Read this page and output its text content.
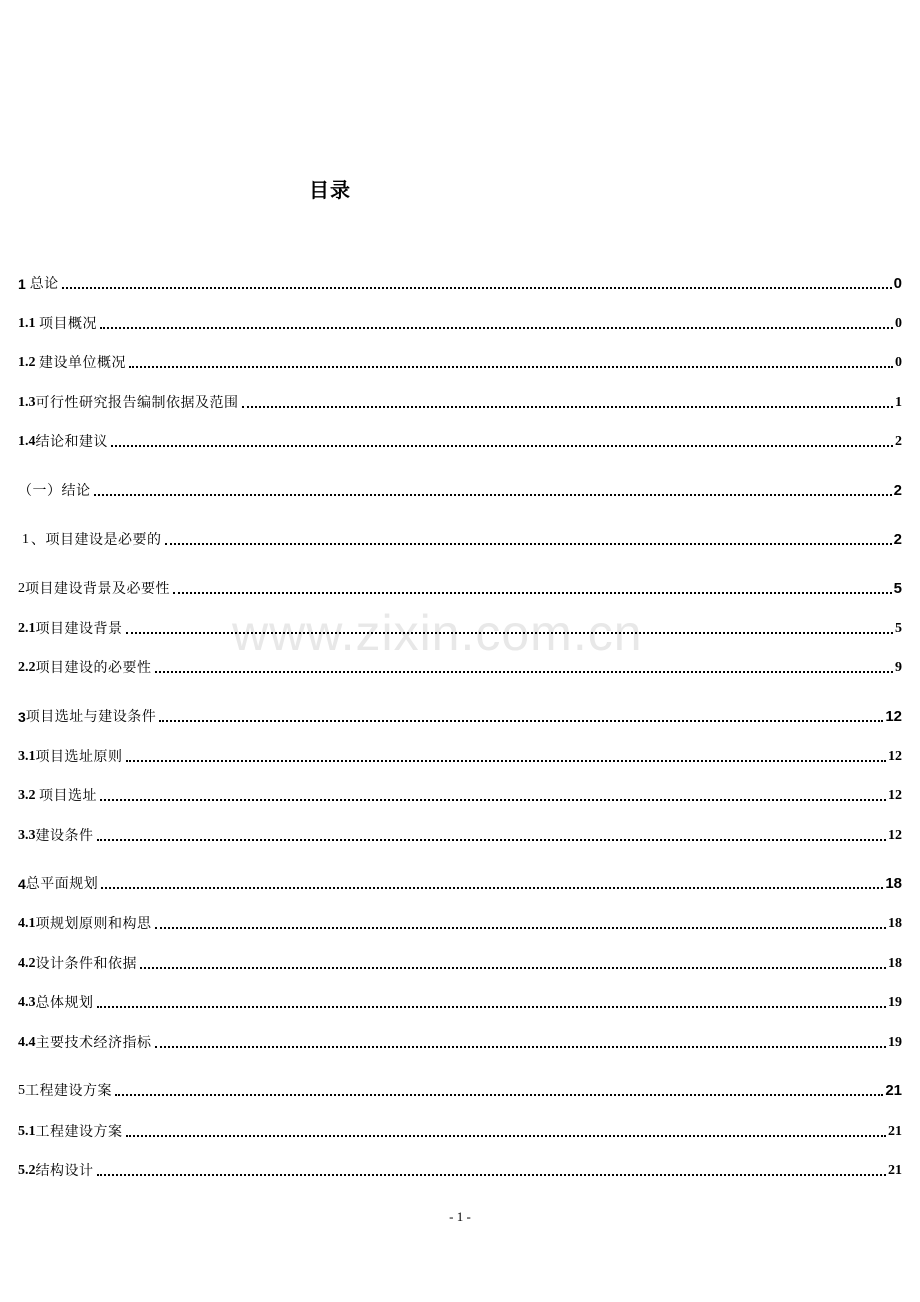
www.zixin.com.cn
目录
1 总论	0
1.1 项目概况	0
1.2 建设单位概况	0
1.3 可行性研究报告编制依据及范围	1
1.4 结论和建议	2
（一）结论	2
1 、项目建设是必要的	2
2 项目建设背景及必要性	5
2.1 项目建设背景	5
2.2 项目建设的必要性	9
3 项目选址与建设条件	12
3.1 项目选址原则	12
3.2 项目选址	12
3.3 建设条件	12
4 总平面规划	18
4.1 项规划原则和构思	18
4.2 设计条件和依据	18
4.3 总体规划	19
4.4 主要技术经济指标	19
5 工程建设方案	21
5.1 工程建设方案	21
5.2 结构设计	21
- 1 -
